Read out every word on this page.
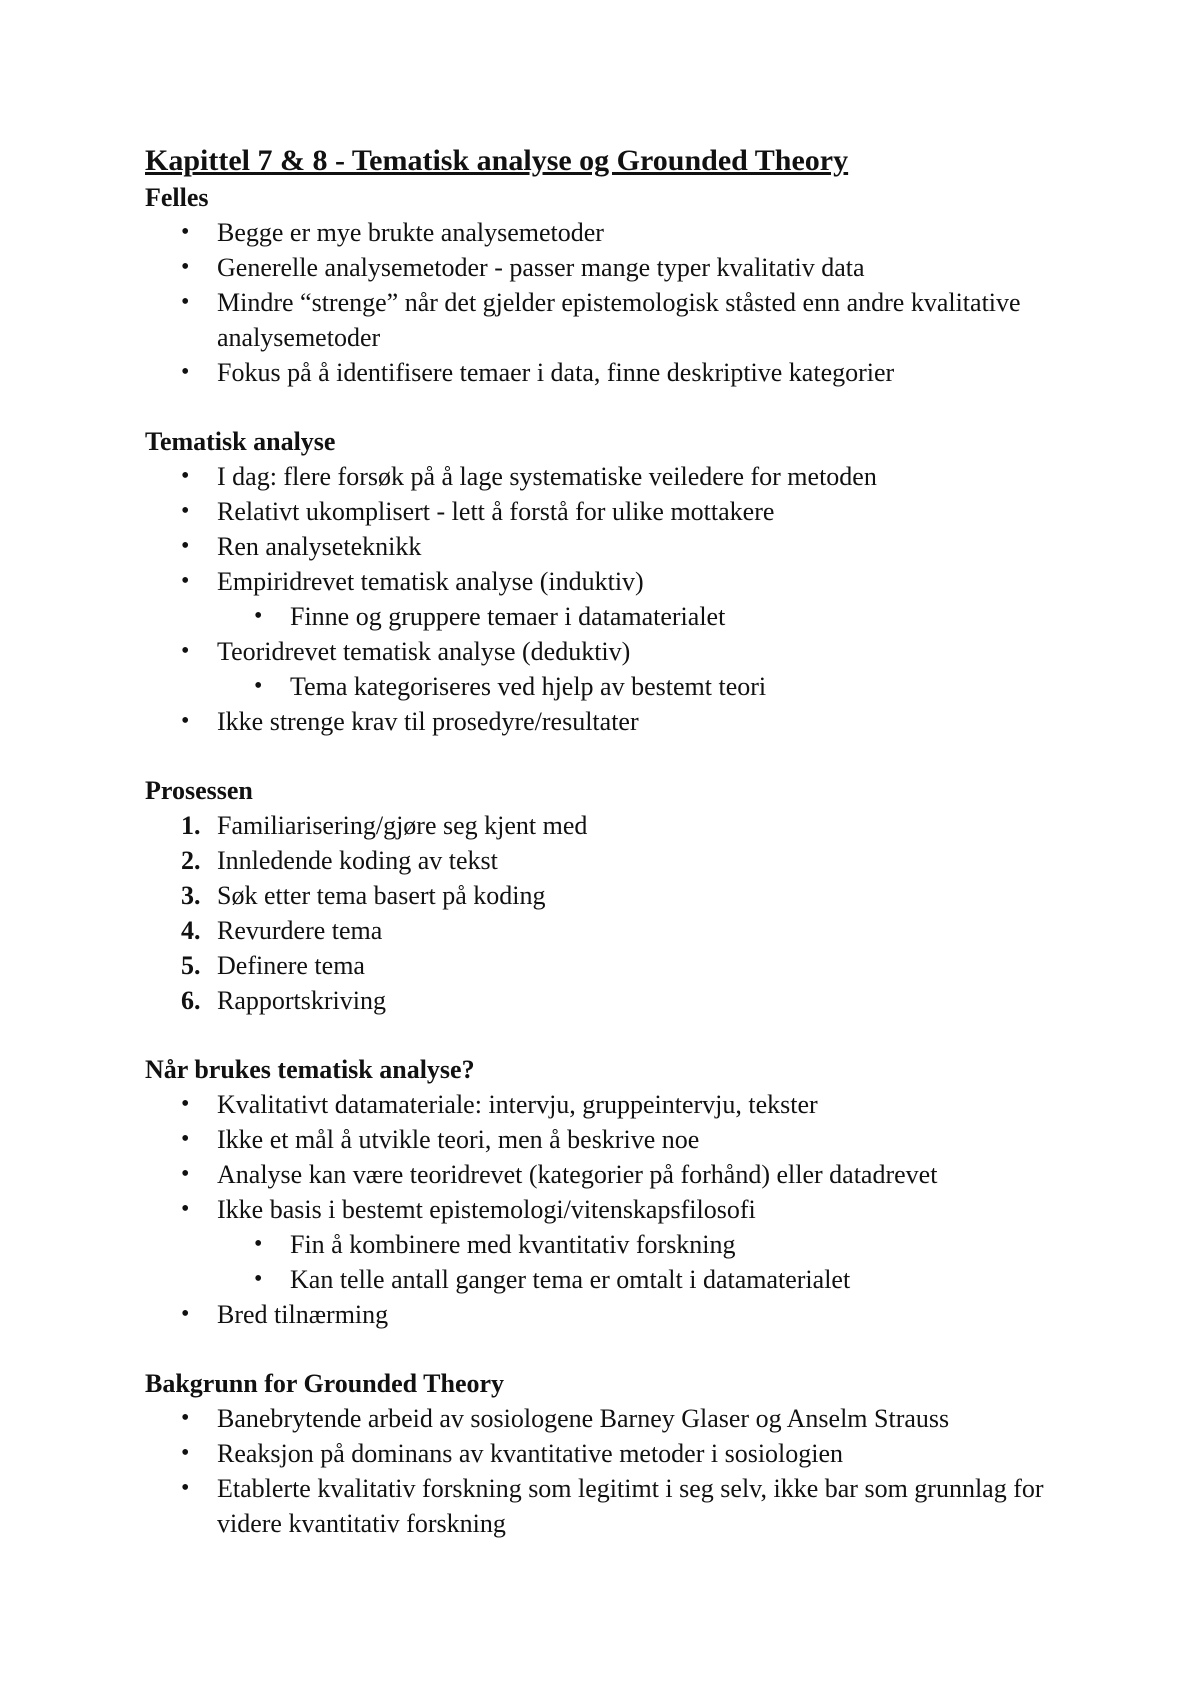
Kapittel 7 & 8 - Tematisk analyse og Grounded Theory
Felles
• Begge er mye brukte analysemetoder
• Generelle analysemetoder - passer mange typer kvalitativ data
• Mindre “strenge” når det gjelder epistemologisk ståsted enn andre kvalitative analysemetoder
• Fokus på å identifisere temaer i data, finne deskriptive kategorier
Tematisk analyse
• I dag: flere forsøk på å lage systematiske veiledere for metoden
• Relativt ukomplisert - lett å forstå for ulike mottakere
• Ren analyseteknikk
• Empiridrevet tematisk analyse (induktiv)
• Finne og gruppere temaer i datamaterialet
• Teoridrevet tematisk analyse (deduktiv)
• Tema kategoriseres ved hjelp av bestemt teori
• Ikke strenge krav til prosedyre/resultater
Prosessen
1. Familiarisering/gjøre seg kjent med
2. Innledende koding av tekst
3. Søk etter tema basert på koding
4. Revurdere tema
5. Definere tema
6. Rapportskriving
Når brukes tematisk analyse?
• Kvalitativt datamateriale: intervju, gruppeintervju, tekster
• Ikke et mål å utvikle teori, men å beskrive noe
• Analyse kan være teoridrevet (kategorier på forhånd) eller datadrevet
• Ikke basis i bestemt epistemologi/vitenskapsfilosofi
• Fin å kombinere med kvantitativ forskning
• Kan telle antall ganger tema er omtalt i datamaterialet
• Bred tilnærming
Bakgrunn for Grounded Theory
• Banebrytende arbeid av sosiologene Barney Glaser og Anselm Strauss
• Reaksjon på dominans av kvantitative metoder i sosiologien
• Etablerte kvalitativ forskning som legitimt i seg selv, ikke bar som grunnlag for videre kvantitativ forskning
